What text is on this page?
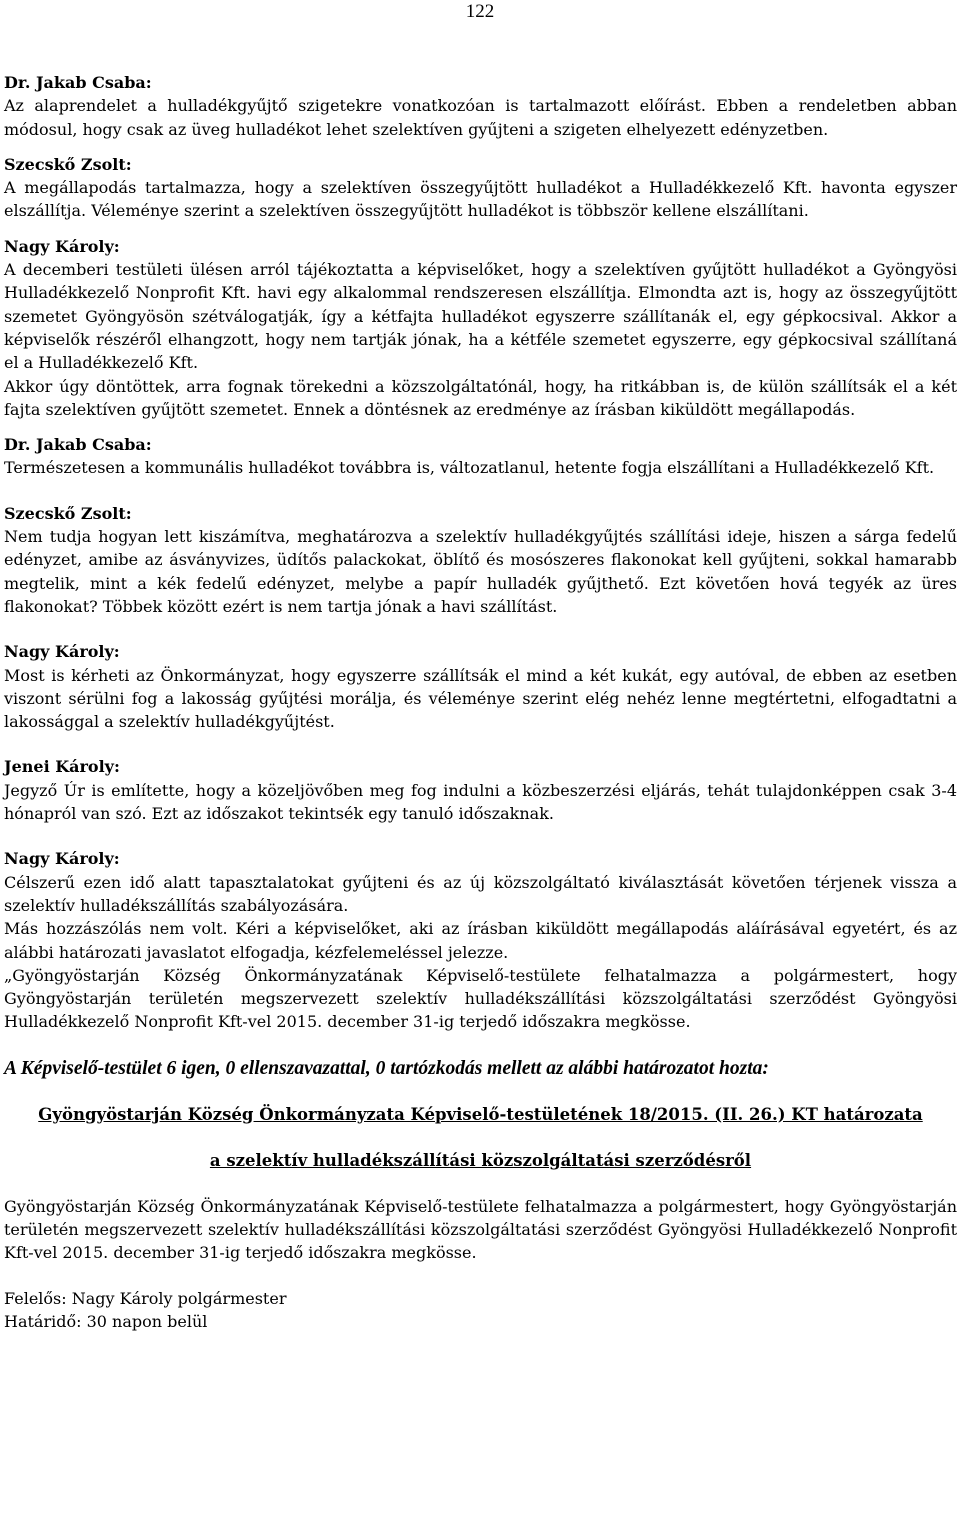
122

Dr. Jakab Csaba:

Az alaprendelet a hulladékgyűjtő szigetekre vonatkozóan is tartalmazott előírást. Ebben a rendeletben abban módosul, hogy csak az üveg hulladékot lehet szelektíven gyűjteni a szigeten elhelyezett edényzetben.

Szecskő Zsolt:

A megállapodás tartalmazza, hogy a szelektíven összegyűjtött hulladékot a Hulladékkezelő Kft. havonta egyszer elszállítja. Véleménye szerint a szelektíven összegyűjtött hulladékot is többször kellene elszállítani.

Nagy Károly:

A decemberi testületi ülésen arról tájékoztatta a képviselőket, hogy a szelektíven gyűjtött hulladékot a Gyöngyösi Hulladékkezelő Nonprofit Kft. havi egy alkalommal rendszeresen elszállítja. Elmondta azt is, hogy az összegyűjtött szemetet Gyöngyösön szétválogatják, így a kétfajta hulladékot egyszerre szállítanák el, egy gépkocsival. Akkor a képviselők részéről elhangzott, hogy nem tartják jónak, ha a kétféle szemetet egyszerre, egy gépkocsival szállítaná el a Hulladékkezelő Kft.

Akkor úgy döntöttek, arra fognak törekedni a közszolgáltatónál, hogy, ha ritkábban is, de külön szállítsák el a két fajta szelektíven gyűjtött szemetet. Ennek a döntésnek az eredménye az írásban kiküldött megállapodás.

Dr. Jakab Csaba:

Természetesen a kommunális hulladékot továbbra is, változatlanul, hetente fogja elszállítani a Hulladékkezelő Kft.

Szecskő Zsolt:

Nem tudja hogyan lett kiszámítva, meghatározva a szelektív hulladékgyűjtés szállítási ideje, hiszen a sárga fedelű edényzet, amibe az ásványvizes, üdítős palackokat, öblítő és mosószeres flakonokat kell gyűjteni, sokkal hamarabb megtelik, mint a kék fedelű edényzet, melybe a papír hulladék gyűjthető. Ezt követően hová tegyék az üres flakonokat? Többek között ezért is nem tartja jónak a havi szállítást.

Nagy Károly:

Most is kérheti az Önkormányzat, hogy egyszerre szállítsák el mind a két kukát, egy autóval, de ebben az esetben viszont sérülni fog a lakosság gyűjtési morálja, és véleménye szerint elég nehéz lenne megtértetni, elfogadtatni a lakossággal a szelektív hulladékgyűjtést.

Jenei Károly:

Jegyző Úr is említette, hogy a közeljövőben meg fog indulni a közbeszerzési eljárás, tehát tulajdonképpen csak 3-4 hónapról van szó. Ezt az időszakot tekintsék egy tanuló időszaknak.

Nagy Károly:

Célszerű ezen idő alatt tapasztalatokat gyűjteni és az új közszolgáltató kiválasztását követően térjenek vissza a szelektív hulladékszállítás szabályozására.

Más hozzászólás nem volt. Kéri a képviselőket, aki az írásban kiküldött megállapodás aláírásával egyetért, és az alábbi határozati javaslatot elfogadja, kézfelemeléssel jelezze.

„Gyöngyöstarján Község Önkormányzatának Képviselő-testülete felhatalmazza a polgármestert, hogy Gyöngyöstarján területén megszervezett szelektív hulladékszállítási közszolgáltatási szerződést Gyöngyösi Hulladékkezelő Nonprofit Kft-vel 2015. december 31-ig terjedő időszakra megkösse.

A Képviselő-testület 6 igen, 0 ellenszavazattal, 0 tartózkodás mellett az alábbi határozatot hozta:

Gyöngyöstarján Község Önkormányzata Képviselő-testületének 18/2015. (II. 26.) KT határozata

a szelektív hulladékszállítási közszolgáltatási szerződésről

Gyöngyöstarján Község Önkormányzatának Képviselő-testülete felhatalmazza a polgármestert, hogy Gyöngyöstarján területén megszervezett szelektív hulladékszállítási közszolgáltatási szerződést Gyöngyösi Hulladékkezelő Nonprofit Kft-vel 2015. december 31-ig terjedő időszakra megkösse.

Felelős: Nagy Károly polgármester

Határidő: 30 napon belül
